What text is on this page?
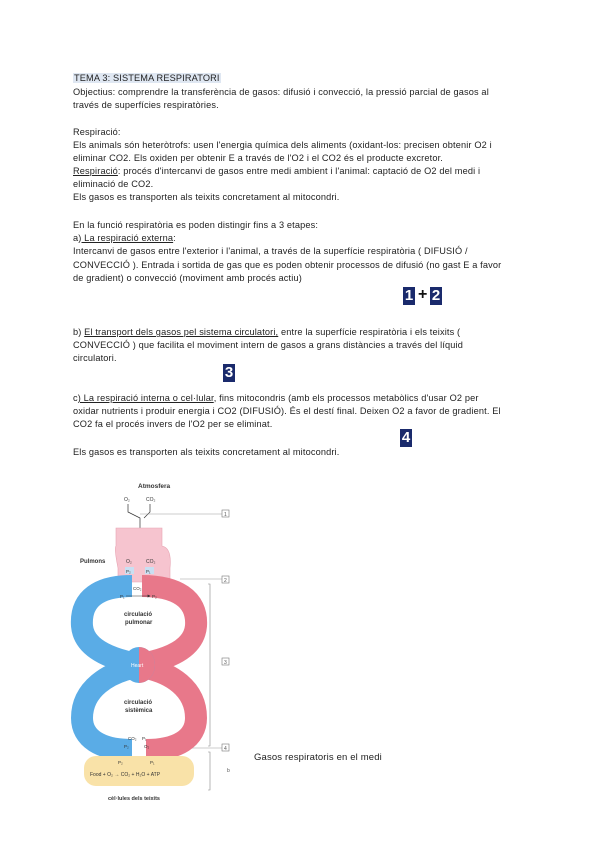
TEMA 3: SISTEMA RESPIRATORI
Objectius: comprendre la transferència de gasos: difusió i convecció, la pressió parcial de gasos al
través de superfícies respiratòries.
Respiració:
Els animals són heteròtrofs: usen l'energia química dels aliments (oxidant-los: precisen obtenir O2 i
eliminar CO2. Els oxiden per obtenir E a través de l'O2 i el CO2 és el producte excretor.
Respiració: procés d'intercanvi de gasos entre medi ambient i l'animal: captació de O2 del medi i
eliminació de CO2.
Els gasos es transporten als teixits concretament al mitocondri.
En la funció respiratòria es poden distingir fins a 3 etapes:
a) La respiració externa:
Intercanvi de gasos entre l'exterior i l'animal, a través de la superfície respiratòria ( DIFUSIÓ /
CONVECCIÓ ). Entrada i sortida de gas que es poden obtenir processos de difusió (no gast E a favor
de gradient) o convecció (moviment amb procés actiu)
1 + 2
b) El transport dels gasos pel sistema circulatori, entre la superfície respiratòria i els teixits (
CONVECCIÓ ) que facilita el moviment intern de gasos a grans distàncies a través del líquid
circulatori.
3
c) La respiració interna o cel·lular, fins mitocondris (amb els processos metabòlics d'usar O2 per
oxidar nutrients i produir energia i CO2 (DIFUSIÓ). És el destí final. Deixen O2 a favor de gradient. El
CO2 fa el procés invers de l'O2 per se eliminat.
4
Els gasos es transporten als teixits concretament al mitocondri.
Atmosfera
O₂	CO₂
1
2
3
4
b
Pulmons	O₂	CO₂
P₂	P₁
Heart
circulació
pulmonar
circulació
sistèmica
CO₂
P₁	P₂
CO₂ P₁
P₂	O₂
P₂	P₁
Food + O₂ → CO₂ + H₂O + ATP
cèl·lules dels teixits
Gasos respiratoris en el medi
